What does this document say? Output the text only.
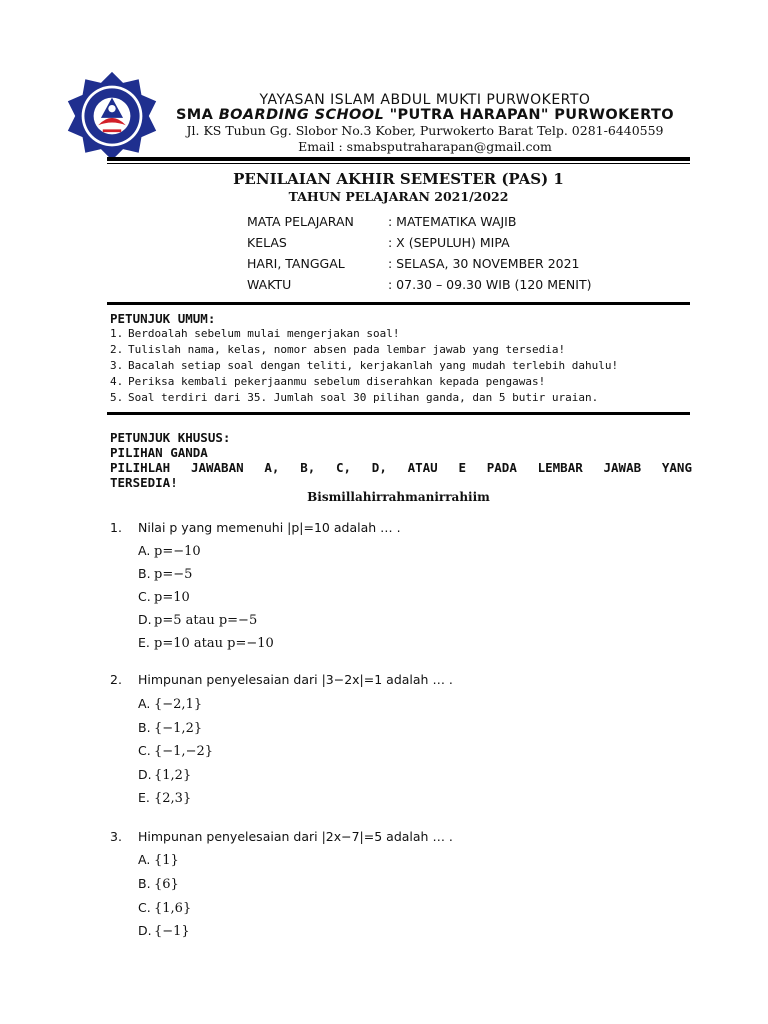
YAYASAN ISLAM ABDUL MUKTI PURWOKERTO
SMA BOARDING SCHOOL "PUTRA HARAPAN" PURWOKERTO
Jl. KS Tubun Gg. Slobor No.3 Kober, Purwokerto Barat Telp. 0281-6440559
Email : smabsputraharapan@gmail.com
PENILAIAN AKHIR SEMESTER (PAS) 1
TAHUN PELAJARAN 2021/2022
MATA PELAJARAN	: MATEMATIKA WAJIB
KELAS	: X (SEPULUH) MIPA
HARI, TANGGAL	: SELASA, 30 NOVEMBER 2021
WAKTU	: 07.30 – 09.30 WIB (120 MENIT)
PETUNJUK UMUM:
1. Berdoalah sebelum mulai mengerjakan soal!
2. Tulislah nama, kelas, nomor absen pada lembar jawab yang tersedia!
3. Bacalah setiap soal dengan teliti, kerjakanlah yang mudah terlebih dahulu!
4. Periksa kembali pekerjaanmu sebelum diserahkan kepada pengawas!
5. Soal terdiri dari 35. Jumlah soal 30 pilihan ganda, dan 5 butir uraian.
PETUNJUK KHUSUS:
PILIHAN GANDA
PILIHLAH JAWABAN A, B, C, D, ATAU E PADA LEMBAR JAWAB YANG
TERSEDIA!
Bismillahirrahmanirrahiim
1. Nilai p yang memenuhi |p|=10 adalah … .
A. p=−10
B. p=−5
C. p=10
D. p=5 atau p=−5
E. p=10 atau p=−10
2. Himpunan penyelesaian dari |3−2x|=1 adalah … .
A. {−2,1}
B. {−1,2}
C. {−1,−2}
D. {1,2}
E. {2,3}
3. Himpunan penyelesaian dari |2x−7|=5 adalah … .
A. {1}
B. {6}
C. {1,6}
D. {−1}
